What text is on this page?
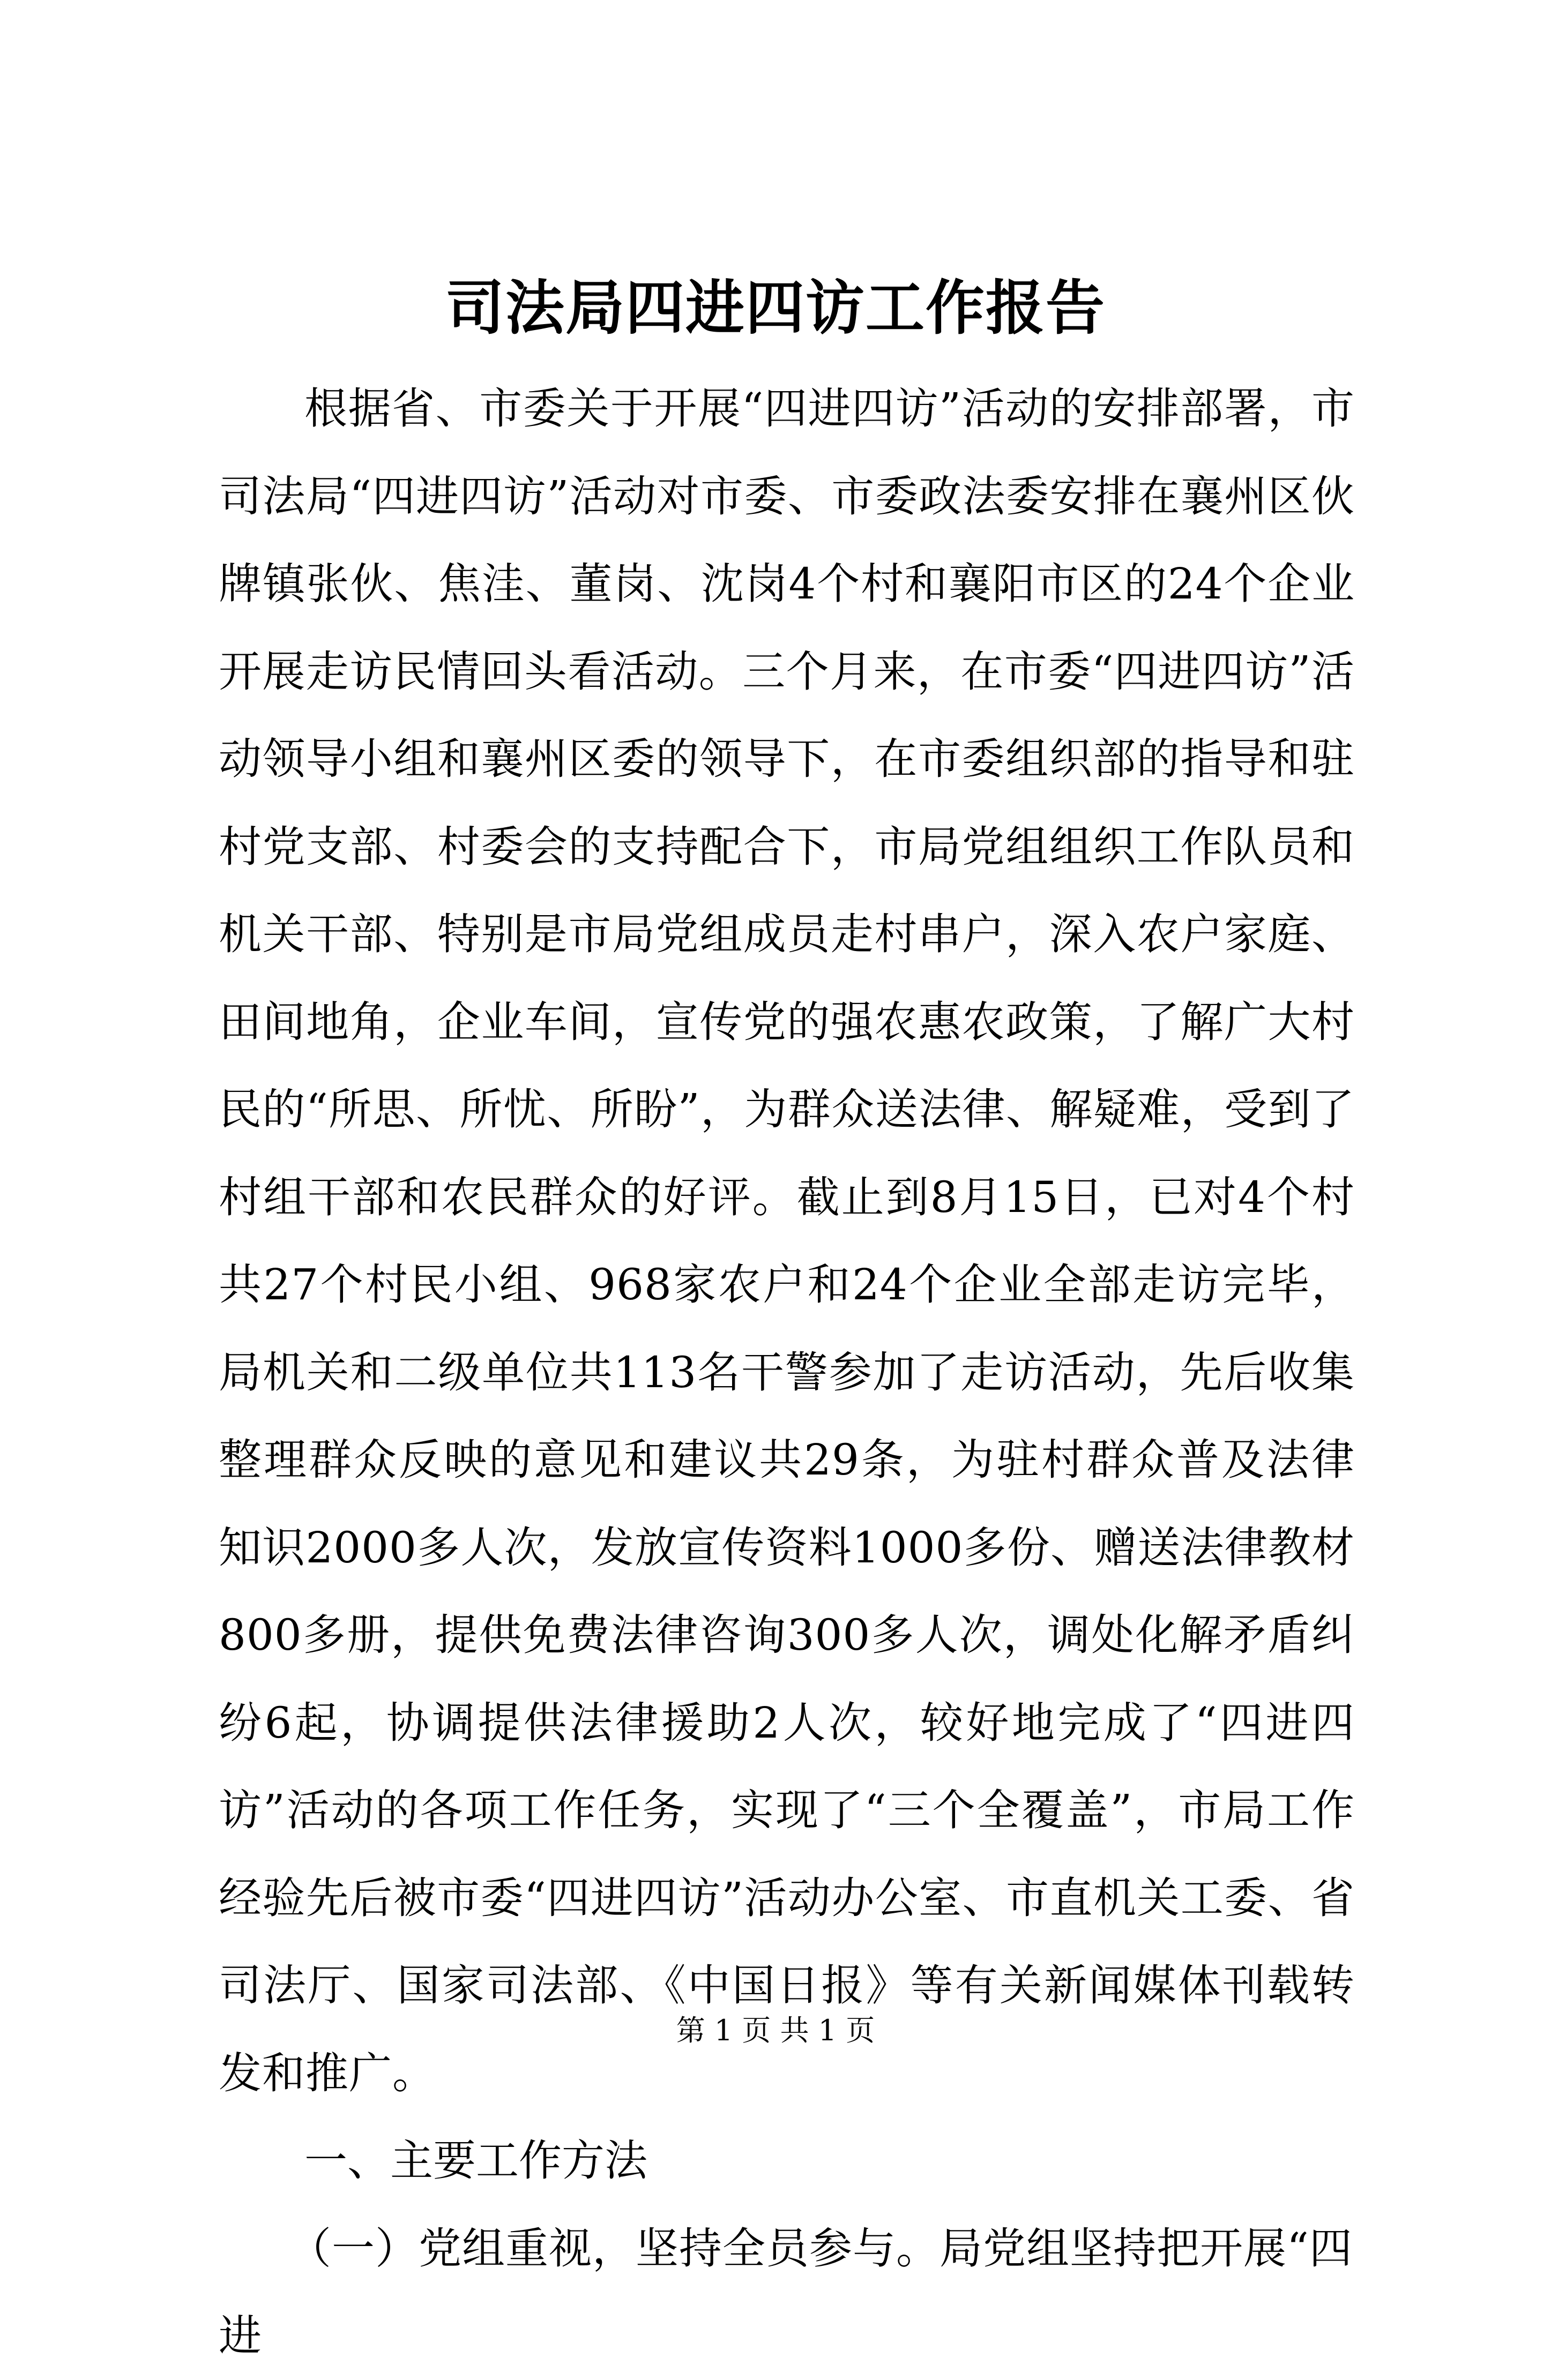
司法局四进四访工作报告

根据省、市委关于开展“四进四访”活动的安排部署，市司法局“四进四访”活动对市委、市委政法委安排在襄州区伙牌镇张伙、焦洼、董岗、沈岗4个村和襄阳市区的24个企业开展走访民情回头看活动。三个月来，在市委“四进四访”活动领导小组和襄州区委的领导下，在市委组织部的指导和驻村党支部、村委会的支持配合下，市局党组组织工作队员和机关干部、特别是市局党组成员走村串户，深入农户家庭、田间地角，企业车间，宣传党的强农惠农政策，了解广大村民的“所思、所忧、所盼”，为群众送法律、解疑难，受到了村组干部和农民群众的好评。截止到8月15日，已对4个村共27个村民小组、968家农户和24个企业全部走访完毕，局机关和二级单位共113名干警参加了走访活动，先后收集整理群众反映的意见和建议共29条，为驻村群众普及法律知识2000多人次，发放宣传资料1000多份、赠送法律教材800多册，提供免费法律咨询300多人次，调处化解矛盾纠纷6起，协调提供法律援助2人次，较好地完成了“四进四访”活动的各项工作任务，实现了“三个全覆盖”，市局工作经验先后被市委“四进四访”活动办公室、市直机关工委、省司法厅、国家司法部、《中国日报》等有关新闻媒体刊载转发和推广。

一、主要工作方法

（一）党组重视，坚持全员参与。局党组坚持把开展“四进

第 1 页 共 1 页
